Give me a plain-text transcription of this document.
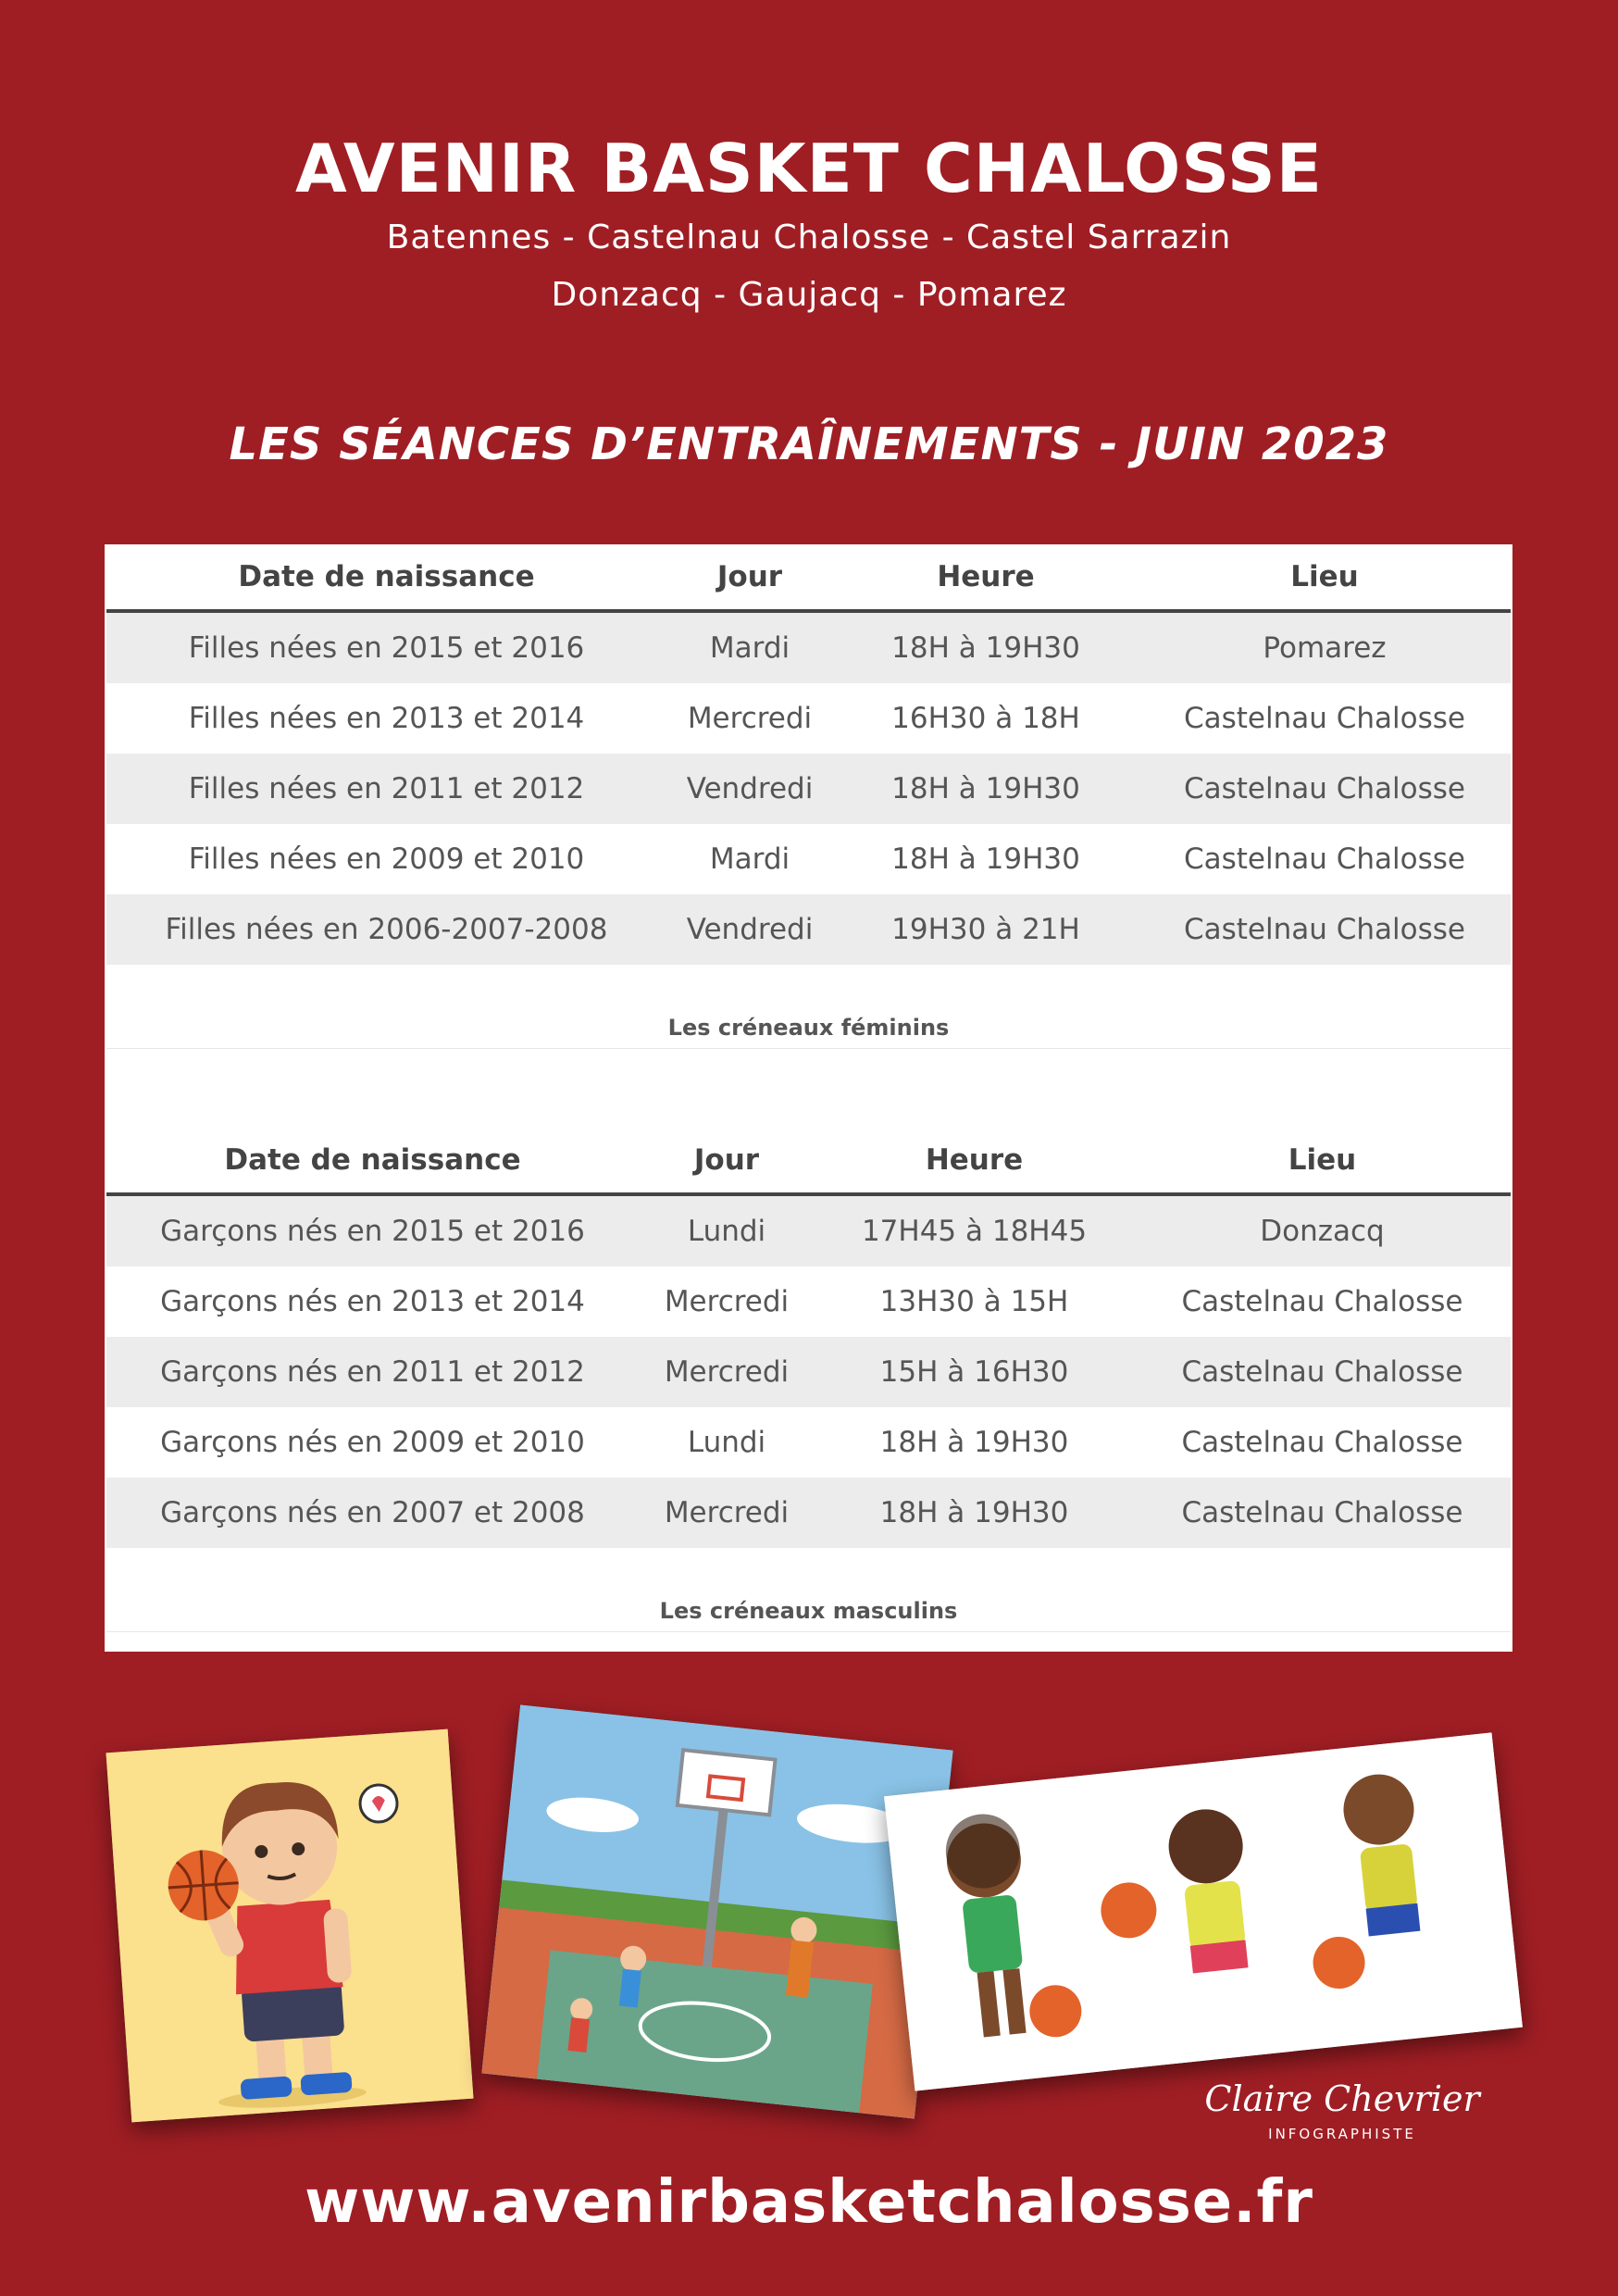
AVENIR BASKET CHALOSSE
Batennes - Castelnau Chalosse - Castel Sarrazin
Donzacq - Gaujacq - Pomarez
LES SÉANCES D’ENTRAÎNEMENTS - JUIN 2023
Date de naissance	Jour	Heure	Lieu
Filles nées en 2015 et 2016	Mardi	18H à 19H30	Pomarez
Filles nées en 2013 et 2014	Mercredi	16H30 à 18H	Castelnau Chalosse
Filles nées en 2011 et 2012	Vendredi	18H à 19H30	Castelnau Chalosse
Filles nées en 2009 et 2010	Mardi	18H à 19H30	Castelnau Chalosse
Filles nées en 2006-2007-2008	Vendredi	19H30 à 21H	Castelnau Chalosse
Les créneaux féminins
Date de naissance	Jour	Heure	Lieu
Garçons nés en 2015 et 2016	Lundi	17H45 à 18H45	Donzacq
Garçons nés en 2013 et 2014	Mercredi	13H30 à 15H	Castelnau Chalosse
Garçons nés en 2011 et 2012	Mercredi	15H à 16H30	Castelnau Chalosse
Garçons nés en 2009 et 2010	Lundi	18H à 19H30	Castelnau Chalosse
Garçons nés en 2007 et 2008	Mercredi	18H à 19H30	Castelnau Chalosse
Les créneaux masculins
Claire Chevrier
INFOGRAPHISTE
www.avenirbasketchalosse.fr
